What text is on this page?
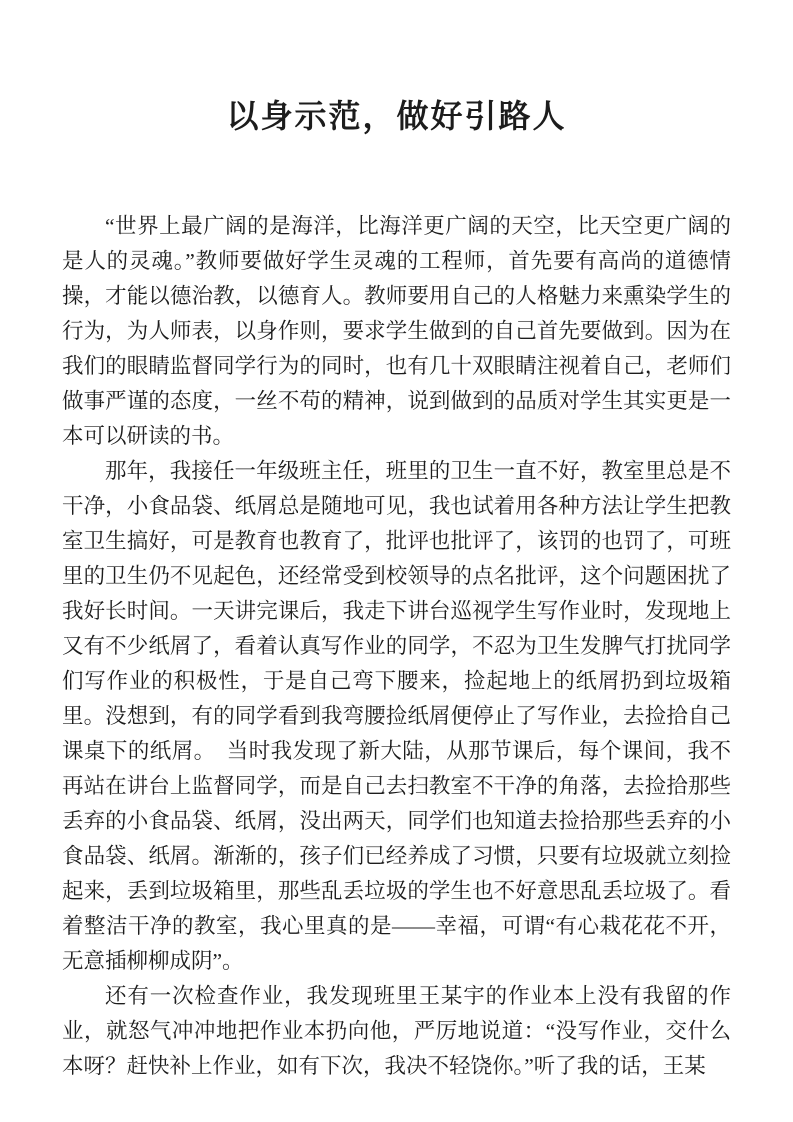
以身示范，做好引路人

“世界上最广阔的是海洋，比海洋更广阔的天空，比天空更广阔的是人的灵魂。”教师要做好学生灵魂的工程师，首先要有高尚的道德情操，才能以德治教，以德育人。教师要用自己的人格魅力来熏染学生的行为，为人师表，以身作则，要求学生做到的自己首先要做到。因为在我们的眼睛监督同学行为的同时，也有几十双眼睛注视着自己，老师们做事严谨的态度，一丝不苟的精神，说到做到的品质对学生其实更是一本可以研读的书。

那年，我接任一年级班主任，班里的卫生一直不好，教室里总是不干净，小食品袋、纸屑总是随地可见，我也试着用各种方法让学生把教室卫生搞好，可是教育也教育了，批评也批评了，该罚的也罚了，可班里的卫生仍不见起色，还经常受到校领导的点名批评，这个问题困扰了我好长时间。一天讲完课后，我走下讲台巡视学生写作业时，发现地上又有不少纸屑了，看着认真写作业的同学，不忍为卫生发脾气打扰同学们写作业的积极性，于是自己弯下腰来，捡起地上的纸屑扔到垃圾箱里。没想到，有的同学看到我弯腰捡纸屑便停止了写作业，去捡拾自己课桌下的纸屑。　当时我发现了新大陆，从那节课后，每个课间，我不再站在讲台上监督同学，而是自己去扫教室不干净的角落，去捡拾那些丢弃的小食品袋、纸屑，没出两天，同学们也知道去捡拾那些丢弃的小食品袋、纸屑。渐渐的，孩子们已经养成了习惯，只要有垃圾就立刻捡起来，丢到垃圾箱里，那些乱丢垃圾的学生也不好意思乱丢垃圾了。看着整洁干净的教室，我心里真的是——幸福，可谓“有心栽花花不开，无意插柳柳成阴”。

还有一次检查作业，我发现班里王某宇的作业本上没有我留的作业，就怒气冲冲地把作业本扔向他，严厉地说道：“没写作业，交什么本呀？赶快补上作业，如有下次，我决不轻饶你。”听了我的话，王某
